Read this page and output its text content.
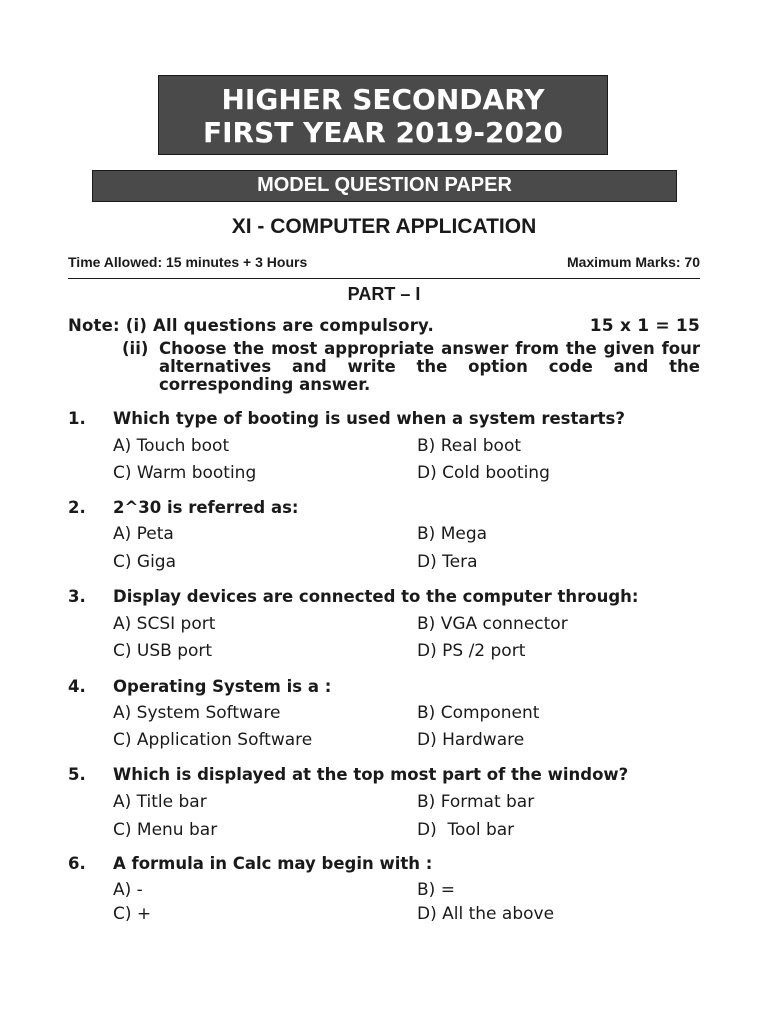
HIGHER SECONDARY
FIRST YEAR 2019-2020
MODEL QUESTION PAPER
XI - COMPUTER APPLICATION
Time Allowed: 15 minutes + 3 Hours	Maximum Marks: 70
PART – I
Note: (i) All questions are compulsory.	15 x 1 = 15
(ii) Choose the most appropriate answer from the given four alternatives and write the option code and the corresponding answer.
1. Which type of booting is used when a system restarts?
A) Touch boot	B) Real boot
C) Warm booting	D) Cold booting
2. 2^30 is referred as:
A) Peta	B) Mega
C) Giga	D) Tera
3. Display devices are connected to the computer through:
A) SCSI port	B) VGA connector
C) USB port	D) PS /2 port
4. Operating System is a :
A) System Software	B) Component
C) Application Software	D) Hardware
5. Which is displayed at the top most part of the window?
A) Title bar	B) Format bar
C) Menu bar	D)  Tool bar
6. A formula in Calc may begin with :
A) -	B) =
C) +	D) All the above
